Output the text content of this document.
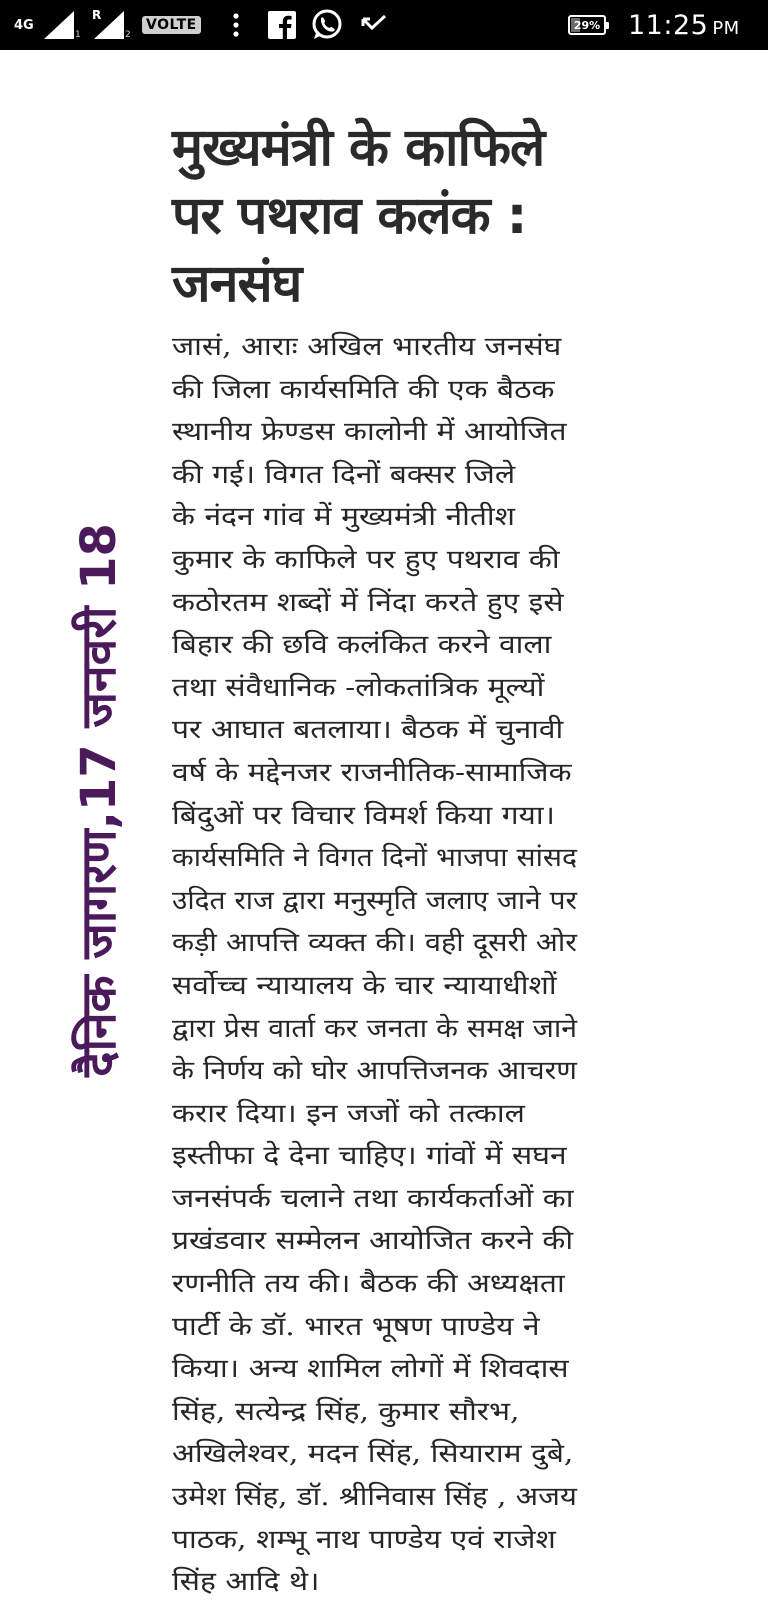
4G
1
R
2
VOLTE	29% 11:25 PM
दैनिक जागरण,17 जनवरी 18
मुख्यमंत्री के काफिले
पर पथराव कलंक :
जनसंघ
जासं, आराः अखिल भारतीय जनसंघ
की जिला कार्यसमिति की एक बैठक
स्थानीय फ्रेण्डस कालोनी में आयोजित
की गई। विगत दिनों बक्सर जिले
के नंदन गांव में मुख्यमंत्री नीतीश
कुमार के काफिले पर हुए पथराव की
कठोरतम शब्दों में निंदा करते हुए इसे
बिहार की छवि कलंकित करने वाला
तथा संवैधानिक -लोकतांत्रिक मूल्यों
पर आघात बतलाया। बैठक में चुनावी
वर्ष के मद्देनजर राजनीतिक-सामाजिक
बिंदुओं पर विचार विमर्श किया गया।
कार्यसमिति ने विगत दिनों भाजपा सांसद
उदित राज द्वारा मनुस्मृति जलाए जाने पर
कड़ी आपत्ति व्यक्त की। वही दूसरी ओर
सर्वोच्च न्यायालय के चार न्यायाधीशों
द्वारा प्रेस वार्ता कर जनता के समक्ष जाने
के निर्णय को घोर आपत्तिजनक आचरण
करार दिया। इन जजों को तत्काल
इस्तीफा दे देना चाहिए। गांवों में सघन
जनसंपर्क चलाने तथा कार्यकर्ताओं का
प्रखंडवार सम्मेलन आयोजित करने की
रणनीति तय की। बैठक की अध्यक्षता
पार्टी के डॉ. भारत भूषण पाण्डेय ने
किया। अन्य शामिल लोगों में शिवदास
सिंह, सत्येन्द्र सिंह, कुमार सौरभ,
अखिलेश्वर, मदन सिंह, सियाराम दुबे,
उमेश सिंह, डॉ. श्रीनिवास सिंह , अजय
पाठक, शम्भू नाथ पाण्डेय एवं राजेश
सिंह आदि थे।
